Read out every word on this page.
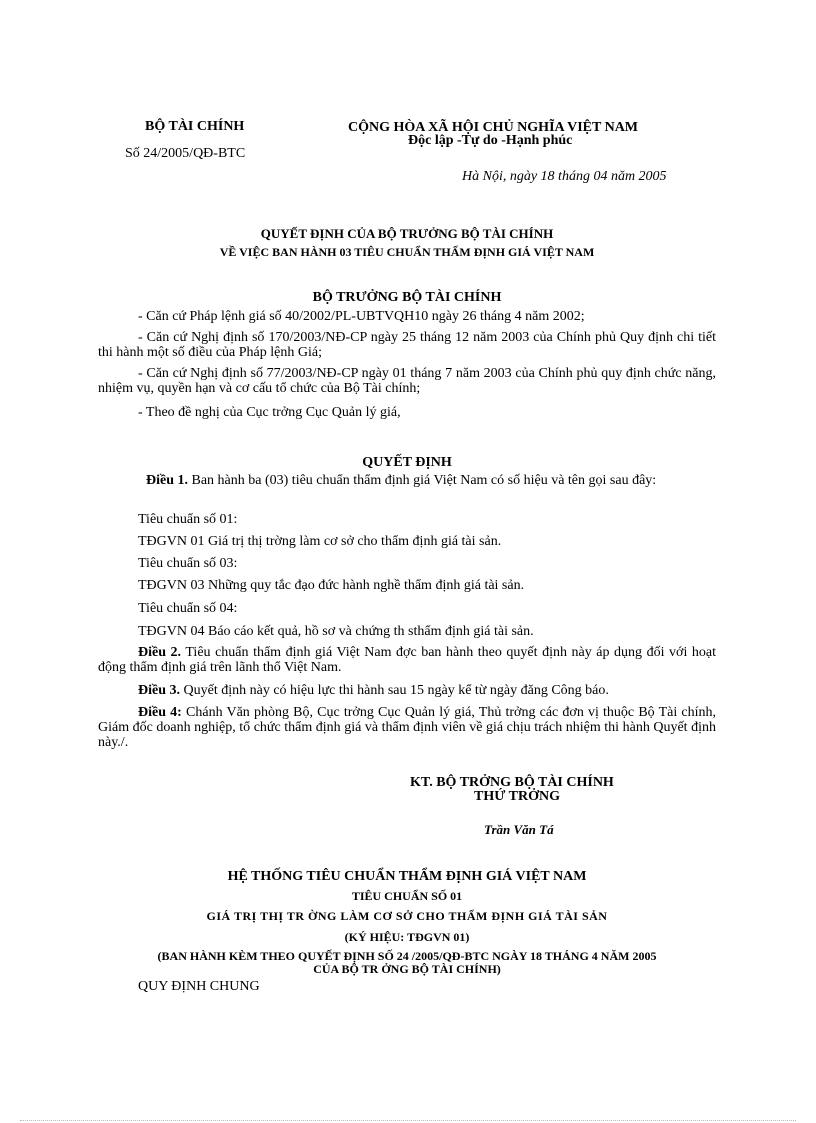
BỘ TÀI CHÍNH
Số 24/2005/QĐ-BTC
CỘNG HÒA XÃ HỘI CHỦ NGHĨA VIỆT NAM
Độc lập -Tự do -Hạnh phúc
Hà Nội, ngày 18 tháng 04 năm 2005
QUYẾT ĐỊNH CỦA BỘ TRƯỞNG BỘ TÀI CHÍNH
VỀ VIỆC BAN HÀNH 03 TIÊU CHUẨN THẨM ĐỊNH GIÁ VIỆT NAM
BỘ TRƯỞNG BỘ TÀI CHÍNH
- Căn cứ Pháp lệnh giá số 40/2002/PL-UBTVQH10 ngày 26 tháng 4 năm 2002;
- Căn cứ Nghị định số 170/2003/NĐ-CP ngày 25 tháng 12 năm 2003 của Chính phủ Quy định chi tiết thi hành một số điều của Pháp lệnh Giá;
- Căn cứ Nghị định số 77/2003/NĐ-CP ngày 01 tháng 7 năm 2003 của Chính phủ quy định chức năng, nhiệm vụ, quyền hạn và cơ cấu tổ chức của Bộ Tài chính;
- Theo đề nghị của Cục trởng Cục Quản lý giá,
QUYẾT ĐỊNH
Điều 1. Ban hành ba (03) tiêu chuẩn thẩm định giá Việt Nam có số hiệu và tên gọi sau đây:
Tiêu chuẩn số 01:
TĐGVN 01 Giá trị thị trờng làm cơ sở cho thẩm định giá tài sản.
Tiêu chuẩn số 03:
TĐGVN 03 Những quy tắc đạo đức hành nghề thẩm định giá tài sản.
Tiêu chuẩn số 04:
TĐGVN 04 Báo cáo kết quả, hồ sơ và chứng th sthẩm định giá tài sản.
Điều 2. Tiêu chuẩn thẩm định giá Việt Nam đợc ban hành theo quyết định này áp dụng đối với hoạt động thẩm định giá trên lãnh thổ Việt Nam.
Điều 3. Quyết định này có hiệu lực thi hành sau 15 ngày kể từ ngày đăng Công báo.
Điều 4: Chánh Văn phòng Bộ, Cục trởng Cục Quản lý giá, Thủ trởng các đơn vị thuộc Bộ Tài chính, Giám đốc doanh nghiệp, tổ chức thẩm định giá và thẩm định viên về giá chịu trách nhiệm thi hành Quyết định này./.
KT. BỘ TRỞNG BỘ TÀI CHÍNH
THỨ TRỞNG
Trần Văn Tá
HỆ THỐNG TIÊU CHUẨN THẨM ĐỊNH GIÁ VIỆT NAM
TIÊU CHUẨN SỐ 01
GIÁ TRỊ THỊ TR ỜNG LÀM CƠ SỞ CHO THẨM ĐỊNH GIÁ TÀI SẢN
(KÝ HIỆU: TĐGVN 01)
(BAN HÀNH KÈM THEO QUYẾT ĐỊNH SỐ 24 /2005/QĐ-BTC NGÀY 18 THÁNG 4 NĂM 2005
CỦA BỘ TR ỞNG BỘ TÀI CHÍNH)
QUY ĐỊNH CHUNG
